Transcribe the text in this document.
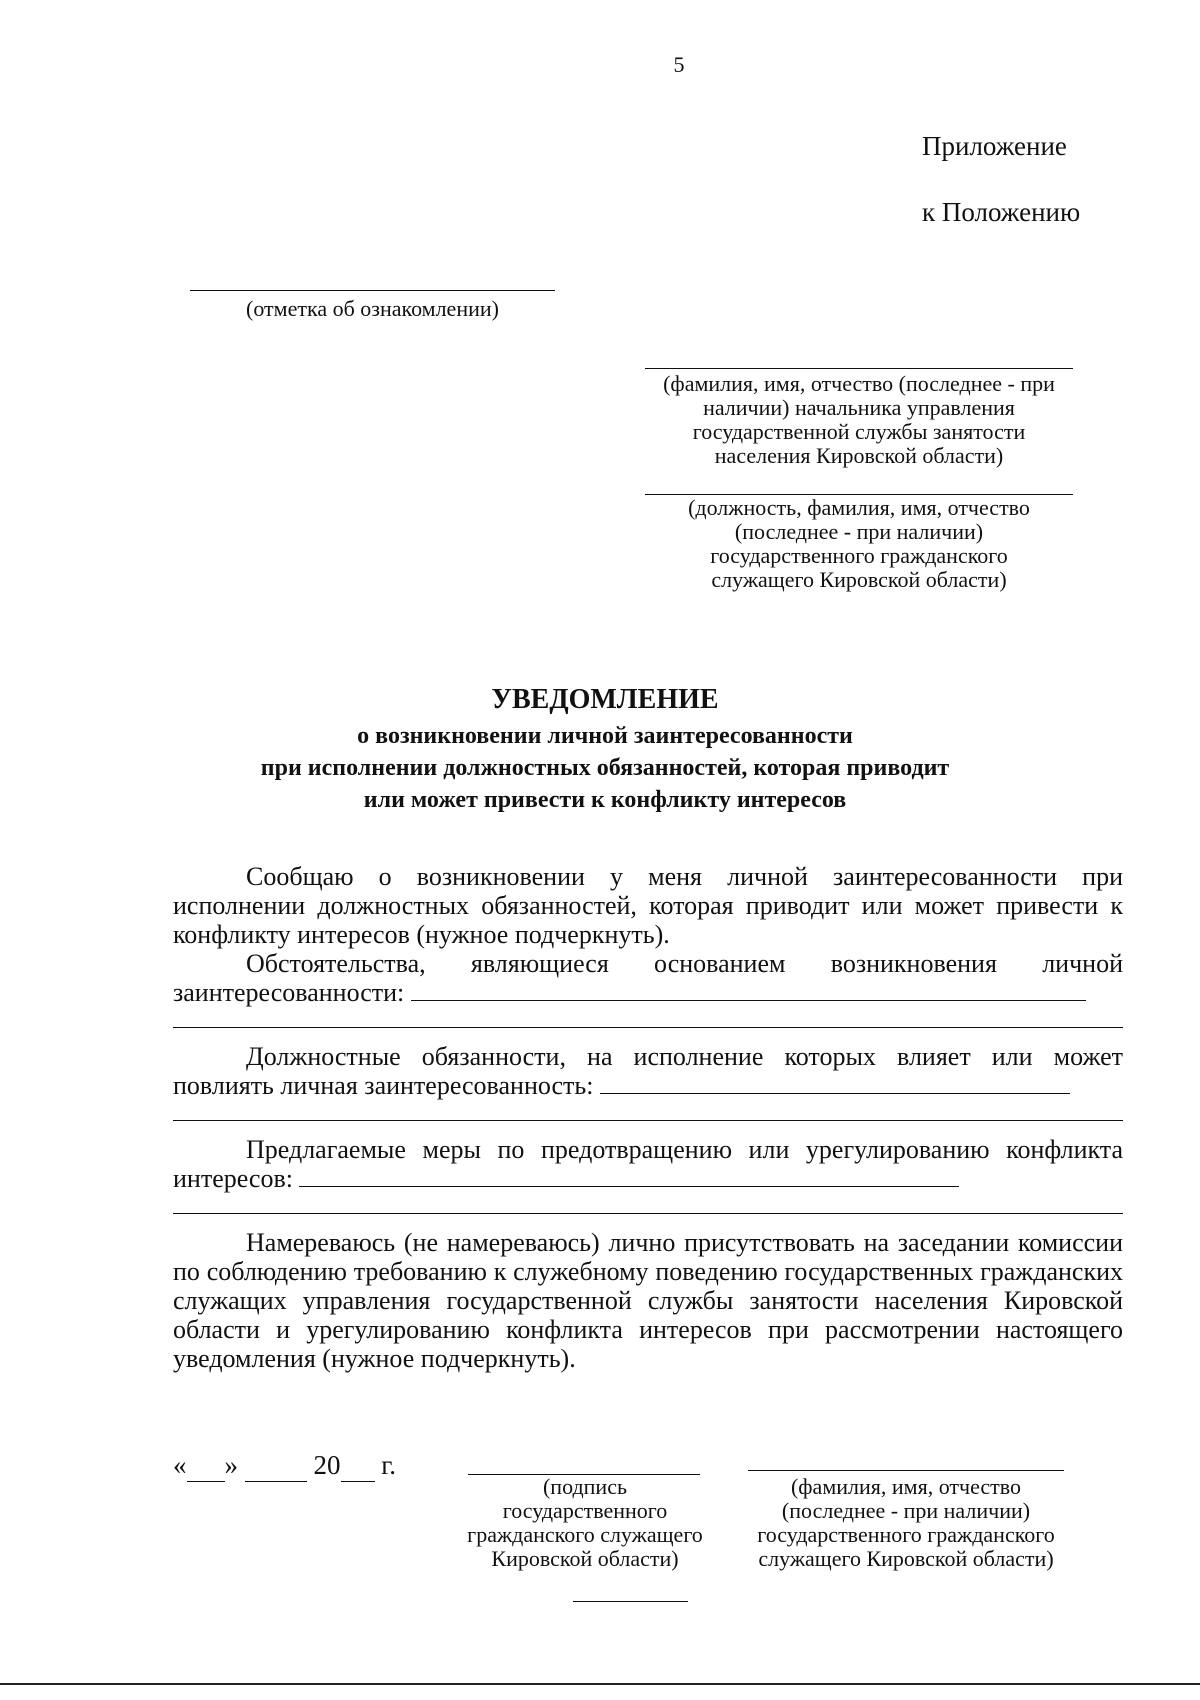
5
Приложение
к Положению
(отметка об ознакомлении)
(фамилия, имя, отчество (последнее - при
наличии) начальника управления
государственной службы занятости
населения Кировской области)
(должность, фамилия, имя, отчество
(последнее - при наличии)
государственного гражданского
служащего Кировской области)
УВЕДОМЛЕНИЕ
о возникновении личной заинтересованности
при исполнении должностных обязанностей, которая приводит
или может привести к конфликту интересов

Сообщаю о возникновении у меня личной заинтересованности при исполнении должностных обязанностей, которая приводит или может привести к конфликту интересов (нужное подчеркнуть).

Обстоятельства, являющиеся основанием возникновения личной заинтересованности:

Должностные обязанности, на исполнение которых влияет или может повлиять личная заинтересованность:

Предлагаемые меры по предотвращению или урегулированию конфликта интересов:

Намереваюсь (не намереваюсь) лично присутствовать на заседании комиссии по соблюдению требованию к служебному поведению государственных гражданских служащих управления государственной службы занятости населения Кировской области и урегулированию конфликта интересов при рассмотрении настоящего уведомления (нужное подчеркнуть).

« »	20 г.
(подпись
государственного
гражданского служащего
Кировской области)
(фамилия, имя, отчество
(последнее - при наличии)
государственного гражданского
служащего Кировской области)
